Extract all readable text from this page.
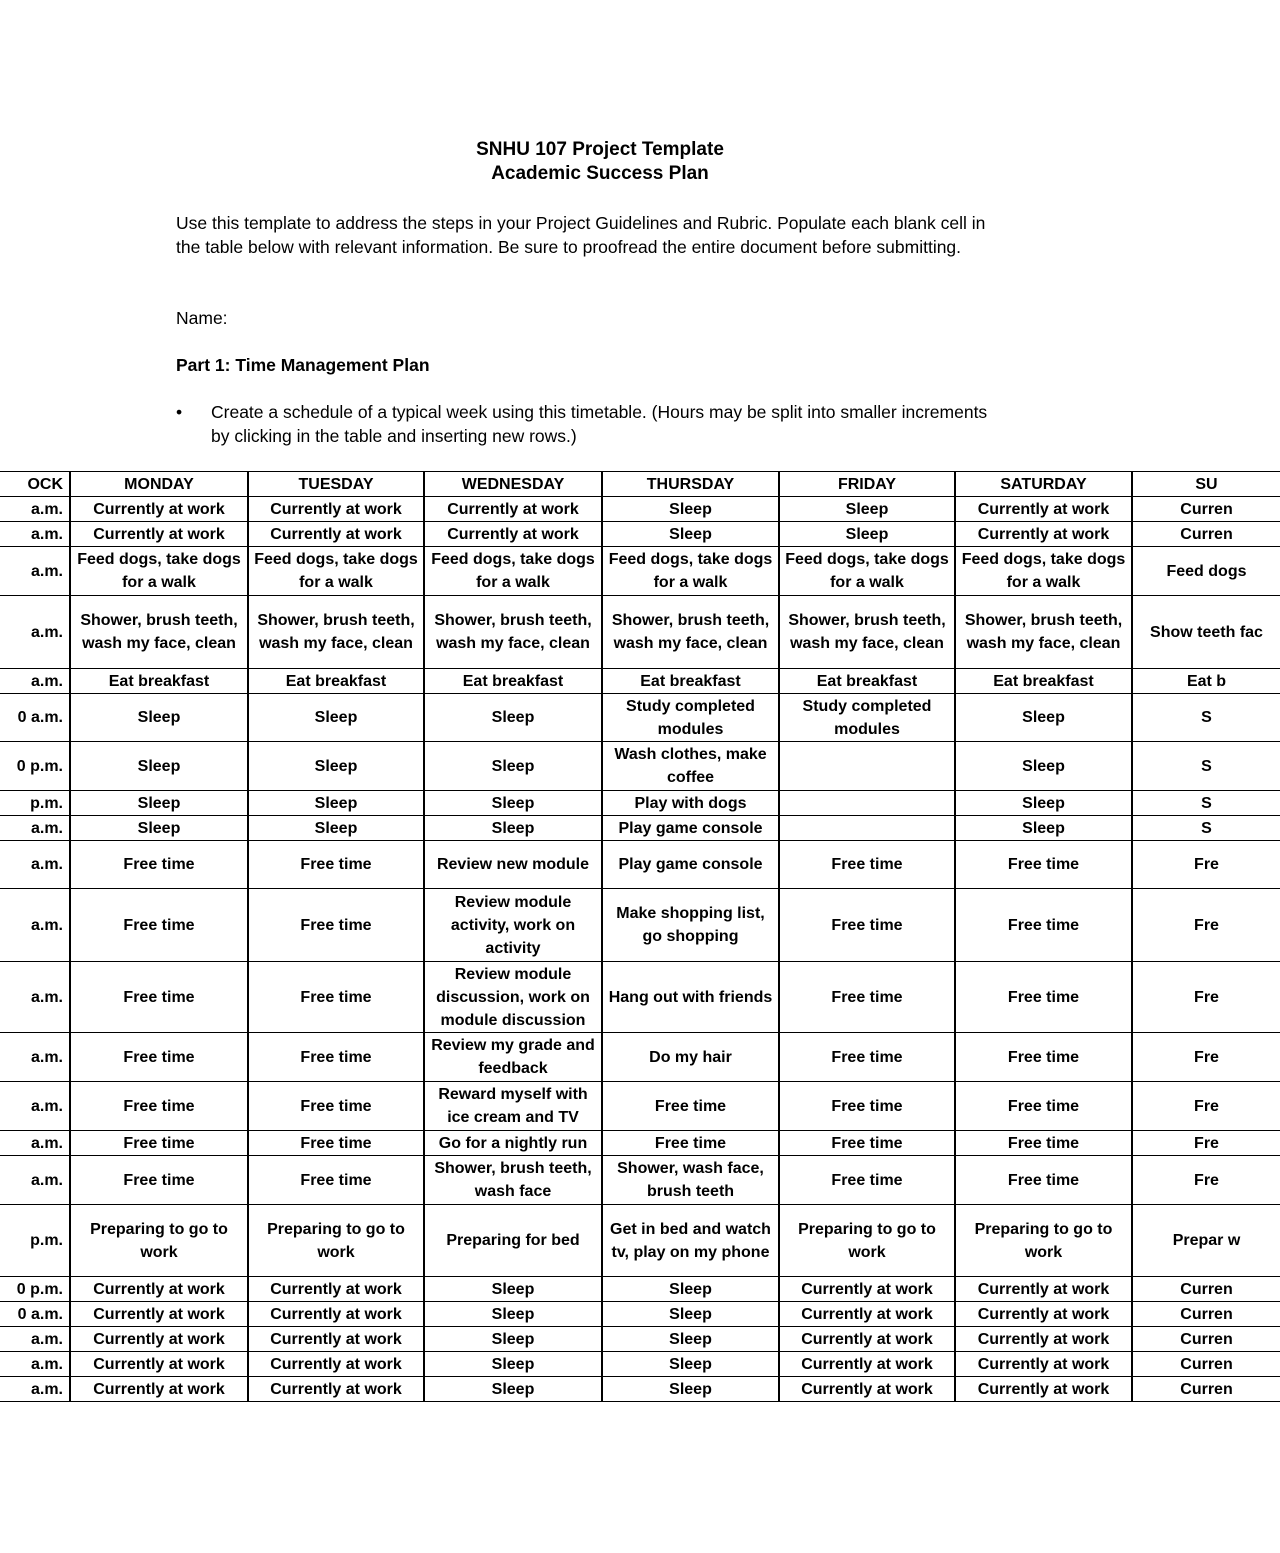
SNHU 107 Project Template
Academic Success Plan
Use this template to address the steps in your Project Guidelines and Rubric. Populate each blank cell in the table below with relevant information. Be sure to proofread the entire document before submitting.
Name:
Part 1: Time Management Plan
•	Create a schedule of a typical week using this timetable. (Hours may be split into smaller increments by clicking in the table and inserting new rows.)
OCK	MONDAY	TUESDAY	WEDNESDAY	THURSDAY	FRIDAY	SATURDAY	SU
a.m.	Currently at work	Currently at work	Currently at work	Sleep	Sleep	Currently at work	Curren
a.m.	Currently at work	Currently at work	Currently at work	Sleep	Sleep	Currently at work	Curren
a.m.	Feed dogs, take dogs for a walk	Feed dogs, take dogs for a walk	Feed dogs, take dogs for a walk	Feed dogs, take dogs for a walk	Feed dogs, take dogs for a walk	Feed dogs, take dogs for a walk	Feed dogs
a.m.	Shower, brush teeth, wash my face, clean	Shower, brush teeth, wash my face, clean	Shower, brush teeth, wash my face, clean	Shower, brush teeth, wash my face, clean	Shower, brush teeth, wash my face, clean	Shower, brush teeth, wash my face, clean	Show teeth fac
a.m.	Eat breakfast	Eat breakfast	Eat breakfast	Eat breakfast	Eat breakfast	Eat breakfast	Eat b
0 a.m.	Sleep	Sleep	Sleep	Study completed modules	Study completed modules	Sleep	S
0 p.m.	Sleep	Sleep	Sleep	Wash clothes, make coffee		Sleep	S
p.m.	Sleep	Sleep	Sleep	Play with dogs		Sleep	S
a.m.	Sleep	Sleep	Sleep	Play game console		Sleep	S
a.m.	Free time	Free time	Review new module	Play game console	Free time	Free time	Fre
a.m.	Free time	Free time	Review module activity, work on activity	Make shopping list, go shopping	Free time	Free time	Fre
a.m.	Free time	Free time	Review module discussion, work on module discussion	Hang out with friends	Free time	Free time	Fre
a.m.	Free time	Free time	Review my grade and feedback	Do my hair	Free time	Free time	Fre
a.m.	Free time	Free time	Reward myself with ice cream and TV	Free time	Free time	Free time	Fre
a.m.	Free time	Free time	Go for a nightly run	Free time	Free time	Free time	Fre
a.m.	Free time	Free time	Shower, brush teeth, wash face	Shower, wash face, brush teeth	Free time	Free time	Fre
p.m.	Preparing to go to work	Preparing to go to work	Preparing for bed	Get in bed and watch tv, play on my phone	Preparing to go to work	Preparing to go to work	Prepar w
0 p.m.	Currently at work	Currently at work	Sleep	Sleep	Currently at work	Currently at work	Curren
0 a.m.	Currently at work	Currently at work	Sleep	Sleep	Currently at work	Currently at work	Curren
a.m.	Currently at work	Currently at work	Sleep	Sleep	Currently at work	Currently at work	Curren
a.m.	Currently at work	Currently at work	Sleep	Sleep	Currently at work	Currently at work	Curren
a.m.	Currently at work	Currently at work	Sleep	Sleep	Currently at work	Currently at work	Curren
